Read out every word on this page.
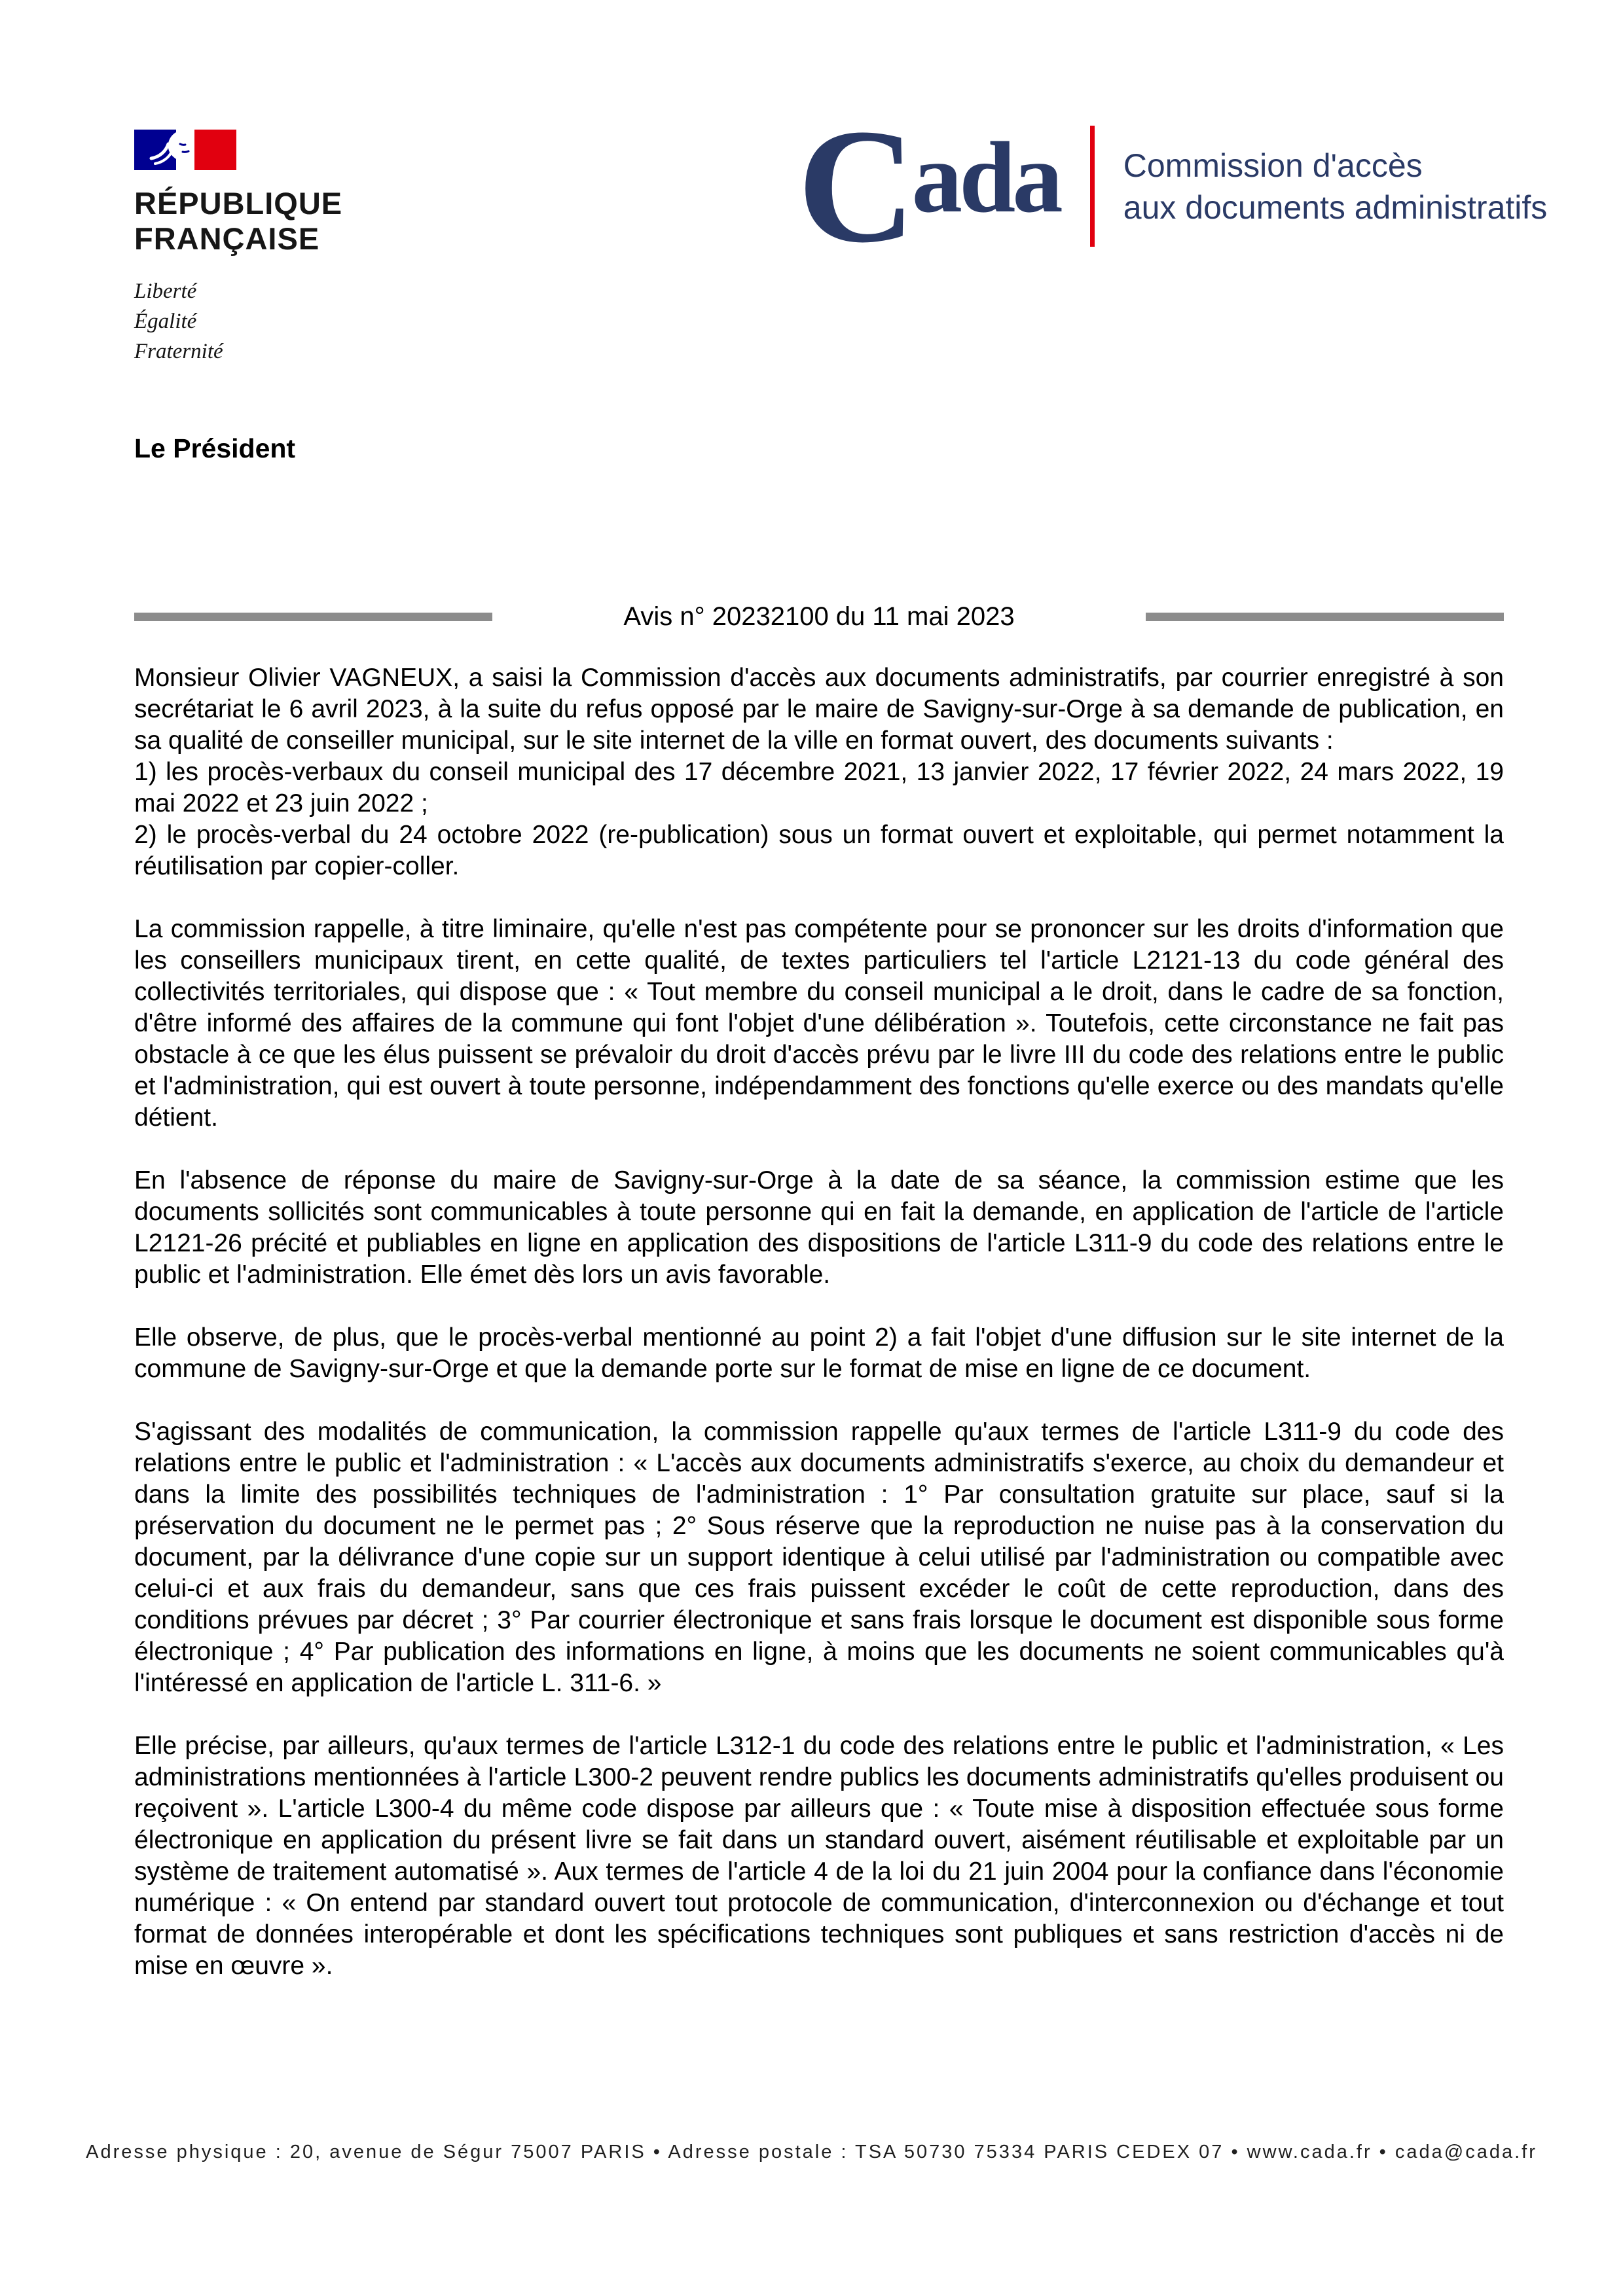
RÉPUBLIQUE
FRANÇAISE
Liberté
Égalité
Fraternité
Cada Commission d'accès
aux documents administratifs
Le Président
Avis n° 20232100 du 11 mai 2023

Monsieur Olivier VAGNEUX, a saisi la Commission d'accès aux documents administratifs, par courrier enregistré à son secrétariat le 6 avril 2023, à la suite du refus opposé par le maire de Savigny-sur-Orge à sa demande de publication, en sa qualité de conseiller municipal, sur le site internet de la ville en format ouvert, des documents suivants :

1) les procès-verbaux du conseil municipal des 17 décembre 2021, 13 janvier 2022, 17 février 2022, 24 mars 2022, 19 mai 2022 et 23 juin 2022 ;

2) le procès-verbal du 24 octobre 2022 (re-publication) sous un format ouvert et exploitable, qui permet notamment la réutilisation par copier-coller.

La commission rappelle, à titre liminaire, qu'elle n'est pas compétente pour se prononcer sur les droits d'information que les conseillers municipaux tirent, en cette qualité, de textes particuliers tel l'article L2121-13 du code général des collectivités territoriales, qui dispose que : « Tout membre du conseil municipal a le droit, dans le cadre de sa fonction, d'être informé des affaires de la commune qui font l'objet d'une délibération ». Toutefois, cette circonstance ne fait pas obstacle à ce que les élus puissent se prévaloir du droit d'accès prévu par le livre III du code des relations entre le public et l'administration, qui est ouvert à toute personne, indépendamment des fonctions qu'elle exerce ou des mandats qu'elle détient.

En l'absence de réponse du maire de Savigny-sur-Orge à la date de sa séance, la commission estime que les documents sollicités sont communicables à toute personne qui en fait la demande, en application de l'article de l'article L2121-26 précité et publiables en ligne en application des dispositions de l'article L311-9 du code des relations entre le public et l'administration. Elle émet dès lors un avis favorable.

Elle observe, de plus, que le procès-verbal mentionné au point 2) a fait l'objet d'une diffusion sur le site internet de la commune de Savigny-sur-Orge et que la demande porte sur le format de mise en ligne de ce document.

S'agissant des modalités de communication, la commission rappelle qu'aux termes de l'article L311-9 du code des relations entre le public et l'administration : « L'accès aux documents administratifs s'exerce, au choix du demandeur et dans la limite des possibilités techniques de l'administration : 1° Par consultation gratuite sur place, sauf si la préservation du document ne le permet pas ; 2° Sous réserve que la reproduction ne nuise pas à la conservation du document, par la délivrance d'une copie sur un support identique à celui utilisé par l'administration ou compatible avec celui-ci et aux frais du demandeur, sans que ces frais puissent excéder le coût de cette reproduction, dans des conditions prévues par décret ; 3° Par courrier électronique et sans frais lorsque le document est disponible sous forme électronique ; 4° Par publication des informations en ligne, à moins que les documents ne soient communicables qu'à l'intéressé en application de l'article L. 311-6. »

Elle précise, par ailleurs, qu'aux termes de l'article L312-1 du code des relations entre le public et l'administration, « Les administrations mentionnées à l'article L300-2 peuvent rendre publics les documents administratifs qu'elles produisent ou reçoivent ». L'article L300-4 du même code dispose par ailleurs que : « Toute mise à disposition effectuée sous forme électronique en application du présent livre se fait dans un standard ouvert, aisément réutilisable et exploitable par un système de traitement automatisé ». Aux termes de l'article 4 de la loi du 21 juin 2004 pour la confiance dans l'économie numérique : « On entend par standard ouvert tout protocole de communication, d'interconnexion ou d'échange et tout format de données interopérable et dont les spécifications techniques sont publiques et sans restriction d'accès ni de mise en œuvre ».

Adresse physique : 20, avenue de Ségur 75007 PARIS • Adresse postale : TSA 50730 75334 PARIS CEDEX 07 • www.cada.fr • cada@cada.fr
